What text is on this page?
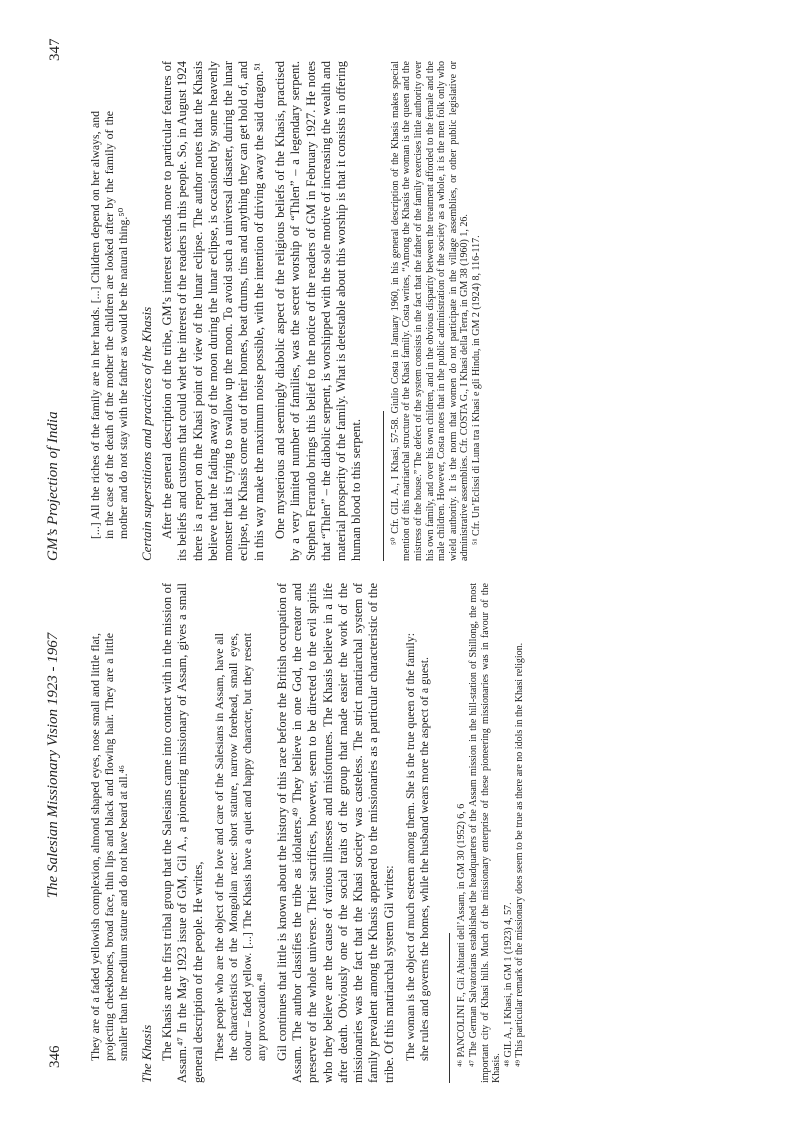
346
The Salesian Missionary Vision 1923 - 1967 They are of a faded yellowish complexion, almond shaped eyes, nose small and little flat, projecting cheekbones, broad face, thin lips and black and flowing hair. They are a little smaller than the medium stature and do not have beard at all.⁴⁶ The Khasis The Khasis are the first tribal group that the Salesians came into contact with in the mission of Assam.⁴⁷ In the May 1923 issue of GM, Gil A., a pioneering missionary of Assam, gives a small general description of the people. He writes, These people who are the object of the love and care of the Salesians in Assam, have all the characteristics of the Mongolian race: short stature, narrow forehead, small eyes, colour – faded yellow. [...] The Khasis have a quiet and happy character, but they resent any provocation.⁴⁸ Gil continues that little is known about the history of this race before the British occupation of Assam. The author classifies the tribe as idolaters.⁴⁹ They believe in one God, the creator and preserver of the whole universe. Their sacrifices, however, seem to be directed to the evil spirits who they believe are the cause of various illnesses and misfortunes. The Khasis believe in a life after death. Obviously one of the social traits of the group that made easier the work of the missionaries was the fact that the Khasi society was casteless. The strict matriarchal system of family prevalent among the Khasis appeared to the missionaries as a particular characteristic of the tribe. Of this matriarchal system Gil writes: The woman is the object of much esteem among them. She is the true queen of the family: she rules and governs the homes, while the husband wears more the aspect of a guest.	⁴⁶ PANCOLINI F., Gli Abitanti dell’Assam, in GM 30 (1952) 6, 6 ⁴⁷ The German Salvatorians established the headquarters of the Assam mission in the hill-station of Shillong, the most important city of Khasi hills. Much of the missionary enterprise of these pioneering missionaries was in favour of the Khasis.

⁴⁸ GIL A., I Khasi, in GM 1 (1923) 4, 57. ⁴⁹ This particular remark of the missionary does seem to be true as there are no idols in the Khasi religion.

GM’s Projection of India
347

[...] All the riches of the family are in her hands. [...] Children depend on her always, and in the case of the death of the mother the children are looked after by the family of the mother and do not stay with the father as would be the natural thing.⁵⁰ Certain superstitions and practices of the Khasis After the general description of the tribe, GM’s interest extends more to particular features of its beliefs and customs that could whet the interest of the readers in this people. So, in August 1924 there is a report on the Khasi point of view of the lunar eclipse. The author notes that the Khasis believe that the fading away of the moon during the lunar eclipse, is occasioned by some heavenly monster that is trying to swallow up the moon. To avoid such a universal disaster, during the lunar eclipse, the Khasis come out of their homes, beat drums, tins and anything they can get hold of, and in this way make the maximum noise possible, with the intention of driving away the said dragon.⁵¹ One mysterious and seemingly diabolic aspect of the religious beliefs of the Khasis, practised by a very limited number of families, was the secret worship of “Thlen” – a legendary serpent. Stephen Ferrando brings this belief to the notice of the readers of GM in February 1927. He notes that “Thlen” – the diabolic serpent, is worshipped with the sole motive of increasing the wealth and material prosperity of the family. What is detestable about this worship is that it consists in offering human blood to this serpent.	⁵⁰ Cfr. GIL A., I Khasi, 57-58. Giulio Costa in January 1960, in his general description of the Khasis makes special mention of this matriarchal structure of the Khasi family. Costa writes, “Among the Khasis the woman is the queen and the mistress of the house.” The defect of the system consists in the fact that the father of the family exercises little authority over his own family, and over his own children, and in the obvious disparity between the treatment afforded to the female and the male children. However, Costa notes that in the public administration of the society as a whole, it is the men folk only who wield authority. It is the norm that women do not participate in the village assemblies, or other public legislative or administrative assemblies. Cfr. COSTA G., I Khasi della Terra, in GM 38 (1960) 1, 26. ⁵¹ Cfr. Un’Eclissi di Luna tra i Khasi e gli Hindu, in GM 2 (1924) 8, 116-117.
